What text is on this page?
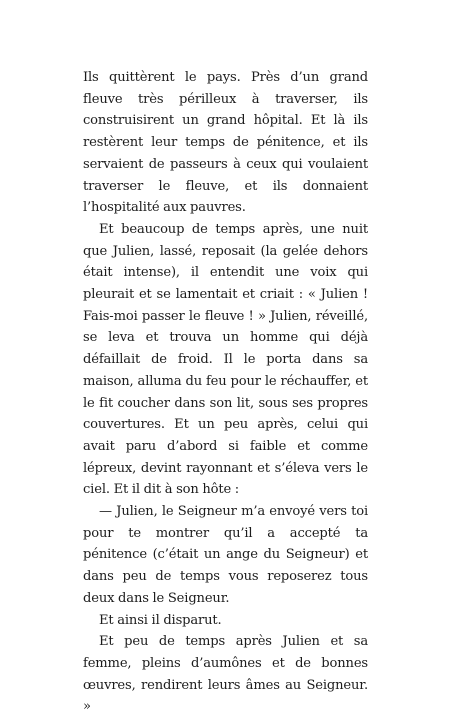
Ils quittèrent le pays. Près d’un grand fleuve très périlleux à traverser, ils construisirent un grand hôpital. Et là ils restèrent leur temps de pénitence, et ils servaient de passeurs à ceux qui voulaient traverser le fleuve, et ils donnaient l’hospitalité aux pauvres.

Et beaucoup de temps après, une nuit que Julien, lassé, reposait (la gelée dehors était intense), il entendit une voix qui pleurait et se lamentait et criait : « Julien ! Fais-moi passer le fleuve ! » Julien, réveillé, se leva et trouva un homme qui déjà défaillait de froid. Il le porta dans sa maison, alluma du feu pour le réchauffer, et le fit coucher dans son lit, sous ses propres couvertures. Et un peu après, celui qui avait paru d’abord si faible et comme lépreux, devint rayonnant et s’éleva vers le ciel. Et il dit à son hôte :

— Julien, le Seigneur m’a envoyé vers toi pour te montrer qu’il a accepté ta pénitence (c’était un ange du Seigneur) et dans peu de temps vous reposerez tous deux dans le Seigneur.

Et ainsi il disparut.

Et peu de temps après Julien et sa femme, pleins d’aumônes et de bonnes œuvres, rendirent leurs âmes au Seigneur. »
